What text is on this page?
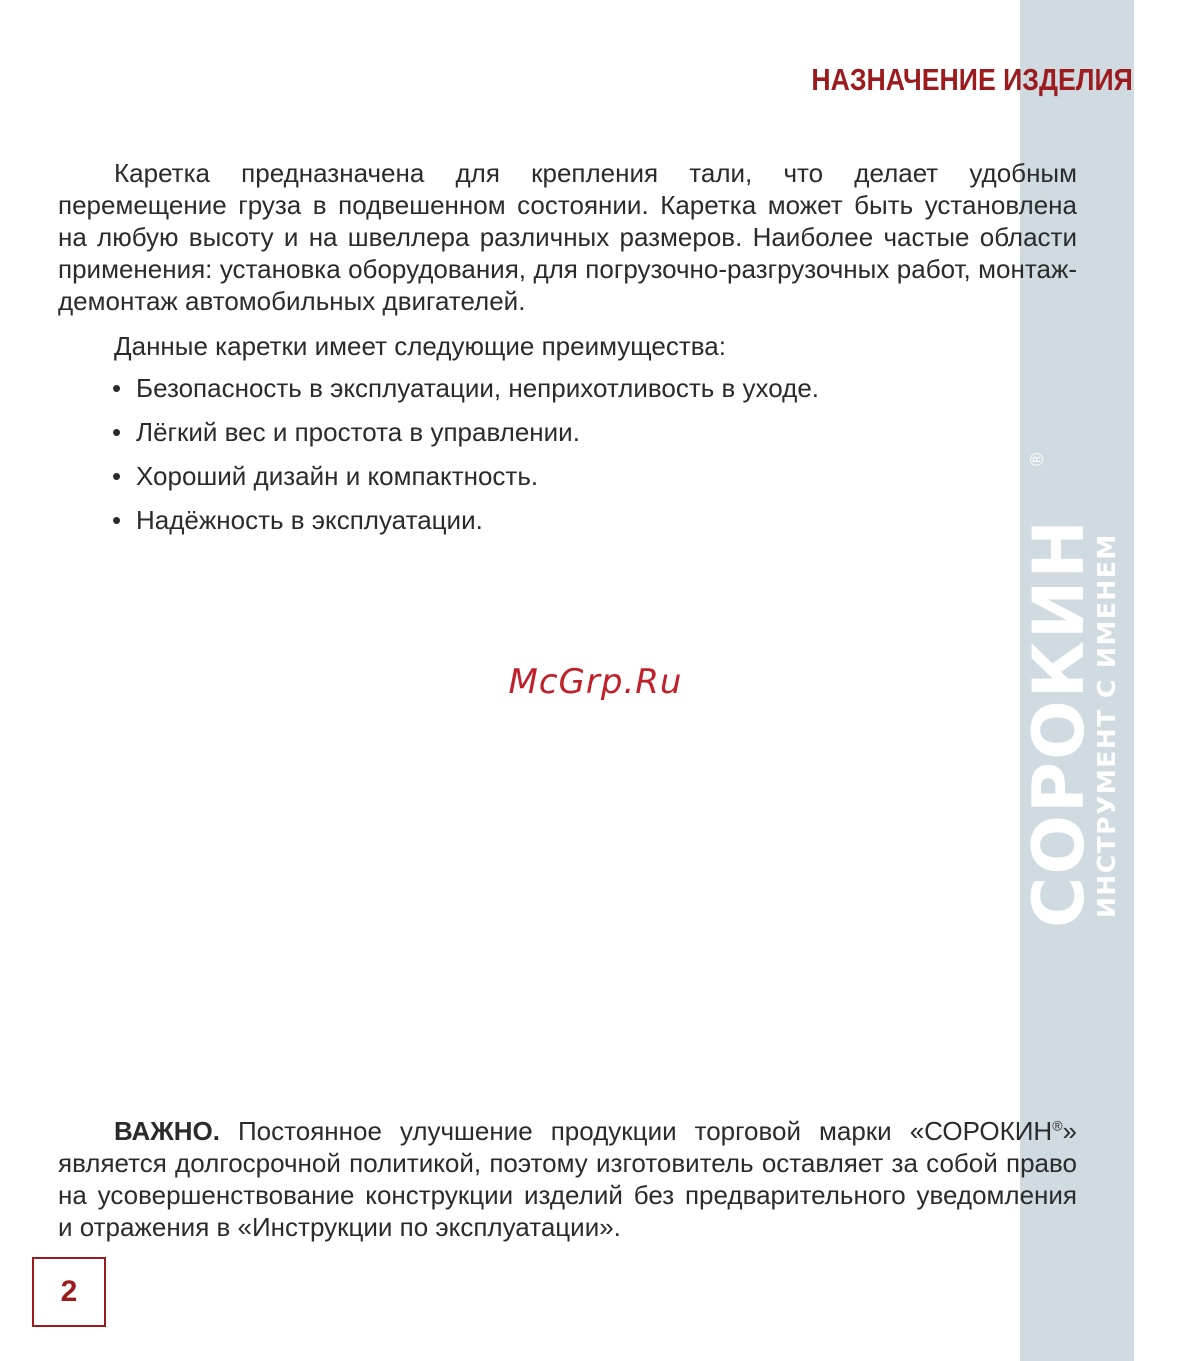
СОРОКИН
ИНСТРУМЕНТ С ИМЕНЕМ
®
НАЗНАЧЕНИЕ ИЗДЕЛИЯ

Каретка предназначена для крепления тали, что делает удобным перемещение груза в подвешенном состоянии. Каретка может быть установлена на любую высоту и на швеллера различных размеров. Наиболее частые области применения: установка оборудования, для погрузочно-разгрузочных работ, монтаж-демонтаж автомобильных двигателей.

Данные каретки имеет следующие преимущества:

• Безопасность в эксплуатации, неприхотливость в уходе.
• Лёгкий вес и простота в управлении.
• Хороший дизайн и компактность.
• Надёжность в эксплуатации.
McGrp.Ru

ВАЖНО. Постоянное улучшение продукции торговой марки «СОРОКИН®» является долгосрочной политикой, поэтому изготовитель оставляет за собой право на усовершенствование конструкции изделий без предварительного уведомления и отражения в «Инструкции по эксплуатации».

2
